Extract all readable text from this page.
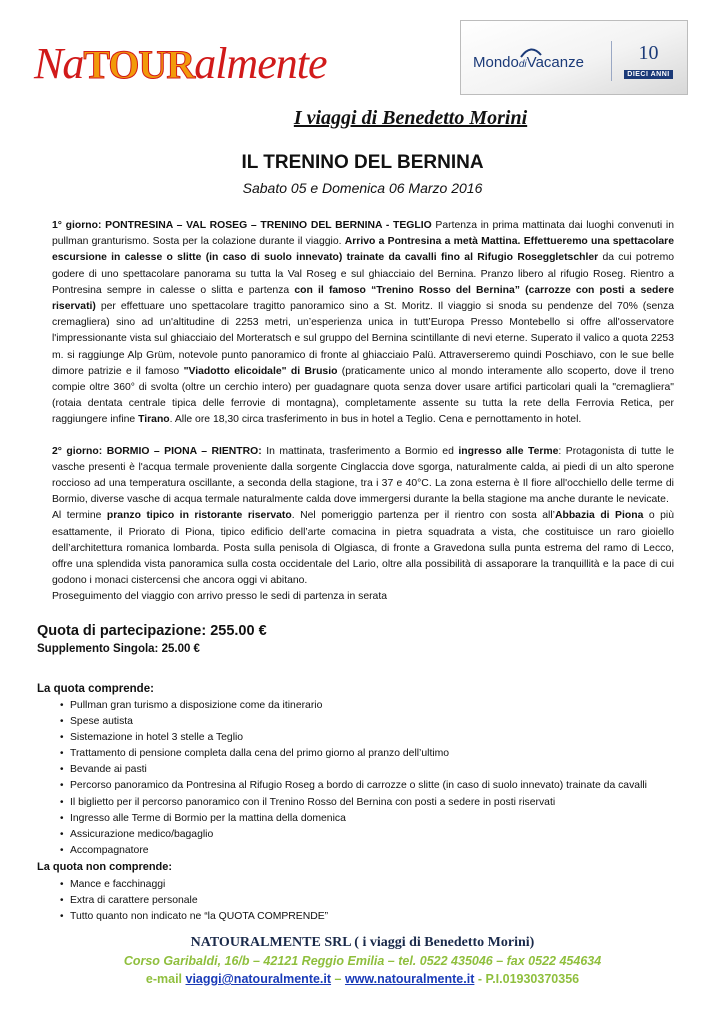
NaTOURalmente	MondodiVacanze	10
DIECI ANNI
I viaggi di Benedetto Morini
IL TRENINO DEL BERNINA
Sabato 05 e Domenica 06 Marzo 2016

1° giorno: PONTRESINA – VAL ROSEG – TRENINO DEL BERNINA - TEGLIO Partenza in prima mattinata dai luoghi convenuti in pullman granturismo. Sosta per la colazione durante il viaggio. Arrivo a Pontresina a metà Mattina. Effettueremo una spettacolare escursione in calesse o slitte (in caso di suolo innevato) trainate da cavalli fino al Rifugio Roseggletschler da cui potremo godere di uno spettacolare panorama su tutta la Val Roseg e sul ghiacciaio del Bernina. Pranzo libero al rifugio Roseg. Rientro a Pontresina sempre in calesse o slitta e partenza con il famoso “Trenino Rosso del Bernina” (carrozze con posti a sedere riservati) per effettuare uno spettacolare tragitto panoramico sino a St. Moritz. Il viaggio si snoda su pendenze del 70% (senza cremagliera) sino ad un'altitudine di 2253 metri, un’esperienza unica in tutt’Europa Presso Montebello si offre all'osservatore l'impressionante vista sul ghiacciaio del Morteratsch e sul gruppo del Bernina scintillante di nevi eterne. Superato il valico a quota 2253 m. si raggiunge Alp Grüm, notevole punto panoramico di fronte al ghiacciaio Palü. Attraverseremo quindi Poschiavo, con le sue belle dimore patrizie e il famoso "Viadotto elicoidale" di Brusio (praticamente unico al mondo interamente allo scoperto, dove il treno compie oltre 360° di svolta (oltre un cerchio intero) per guadagnare quota senza dover usare artifici particolari quali la "cremagliera" (rotaia dentata centrale tipica delle ferrovie di montagna), completamente assente su tutta la rete della Ferrovia Retica, per raggiungere infine Tirano. Alle ore 18,30 circa trasferimento in bus in hotel a Teglio. Cena e pernottamento in hotel.

2° giorno: BORMIO – PIONA – RIENTRO: In mattinata, trasferimento a Bormio ed ingresso alle Terme: Protagonista di tutte le vasche presenti è l'acqua termale proveniente dalla sorgente Cinglaccia dove sgorga, naturalmente calda, ai piedi di un alto sperone roccioso ad una temperatura oscillante, a seconda della stagione, tra i 37 e 40°C. La zona esterna è Il fiore all'occhiello delle terme di Bormio, diverse vasche di acqua termale naturalmente calda dove immergersi durante la bella stagione ma anche durante le nevicate.

Al termine pranzo tipico in ristorante riservato. Nel pomeriggio partenza per il rientro con sosta all’Abbazia di Piona o più esattamente, il Priorato di Piona, tipico edificio dell’arte comacina in pietra squadrata a vista, che costituisce un raro gioiello dell’architettura romanica lombarda. Posta sulla penisola di Olgiasca, di fronte a Gravedona sulla punta estrema del ramo di Lecco, offre una splendida vista panoramica sulla costa occidentale del Lario, oltre alla possibilità di assaporare la tranquillità e la pace di cui godono i monaci cistercensi che ancora oggi vi abitano.

Proseguimento del viaggio con arrivo presso le sedi di partenza in serata

Quota di partecipazione: 255.00 €
Supplemento Singola: 25.00 €
La quota comprende:
• Pullman gran turismo a disposizione come da itinerario
• Spese autista
• Sistemazione in hotel 3 stelle a Teglio
• Trattamento di pensione completa dalla cena del primo giorno al pranzo dell’ultimo
• Bevande ai pasti
• Percorso panoramico da Pontresina al Rifugio Roseg a bordo di carrozze o slitte (in caso di suolo innevato) trainate da cavalli
• Il biglietto per il percorso panoramico con il Trenino Rosso del Bernina con posti a sedere in posti riservati
• Ingresso alle Terme di Bormio per la mattina della domenica
• Assicurazione medico/bagaglio
• Accompagnatore
La quota non comprende:
• Mance e facchinaggi
• Extra di carattere personale
• Tutto quanto non indicato ne “la QUOTA COMPRENDE”
NATOURALMENTE SRL ( i viaggi di Benedetto Morini)
Corso Garibaldi, 16/b – 42121 Reggio Emilia – tel. 0522 435046 – fax 0522 454634
e-mail viaggi@natouralmente.it – www.natouralmente.it - P.I.01930370356
